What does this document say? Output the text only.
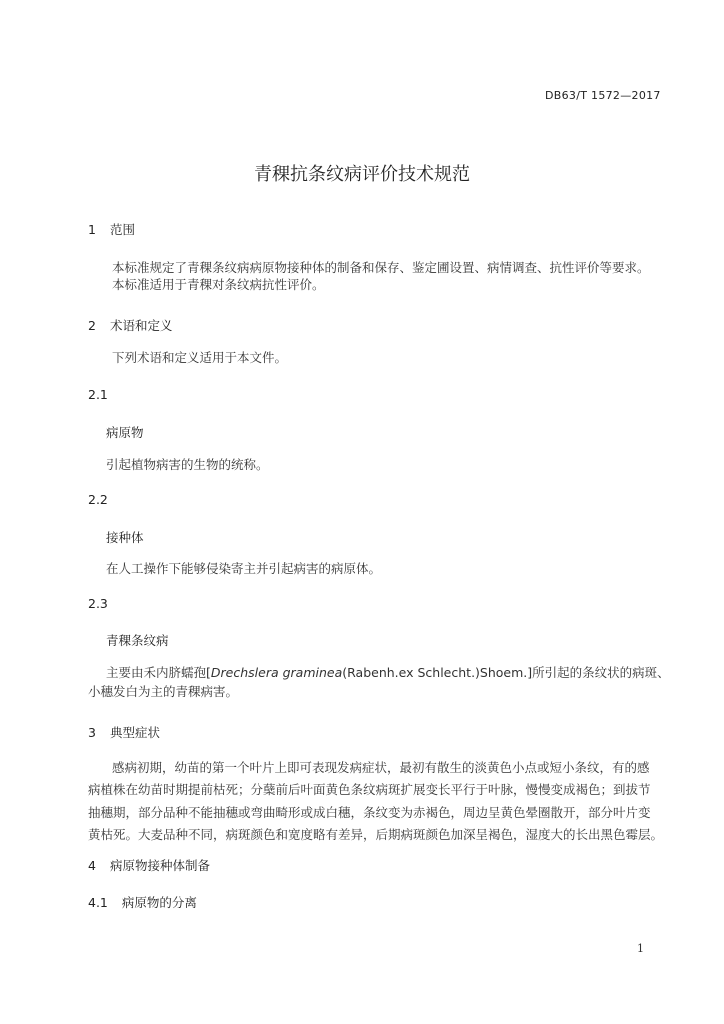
DB63/T 1572—2017
青稞抗条纹病评价技术规范
1 范围
本标准规定了青稞条纹病病原物接种体的制备和保存、鉴定圃设置、病情调查、抗性评价等要求。
本标准适用于青稞对条纹病抗性评价。
2 术语和定义
下列术语和定义适用于本文件。
2.1
病原物
引起植物病害的生物的统称。
2.2
接种体
在人工操作下能够侵染寄主并引起病害的病原体。
2.3
青稞条纹病
主要由禾内脐蠕孢[Drechslera graminea(Rabenh.ex Schlecht.)Shoem.]所引起的条纹状的病斑、
小穗发白为主的青稞病害。
3 典型症状
感病初期，幼苗的第一个叶片上即可表现发病症状，最初有散生的淡黄色小点或短小条纹，有的感
病植株在幼苗时期提前枯死；分蘖前后叶面黄色条纹病斑扩展变长平行于叶脉，慢慢变成褐色；到拔节
抽穗期，部分品种不能抽穗或弯曲畸形或成白穗，条纹变为赤褐色，周边呈黄色晕圈散开，部分叶片变
黄枯死。大麦品种不同，病斑颜色和宽度略有差异，后期病斑颜色加深呈褐色，湿度大的长出黑色霉层。
4 病原物接种体制备
4.1 病原物的分离
1
